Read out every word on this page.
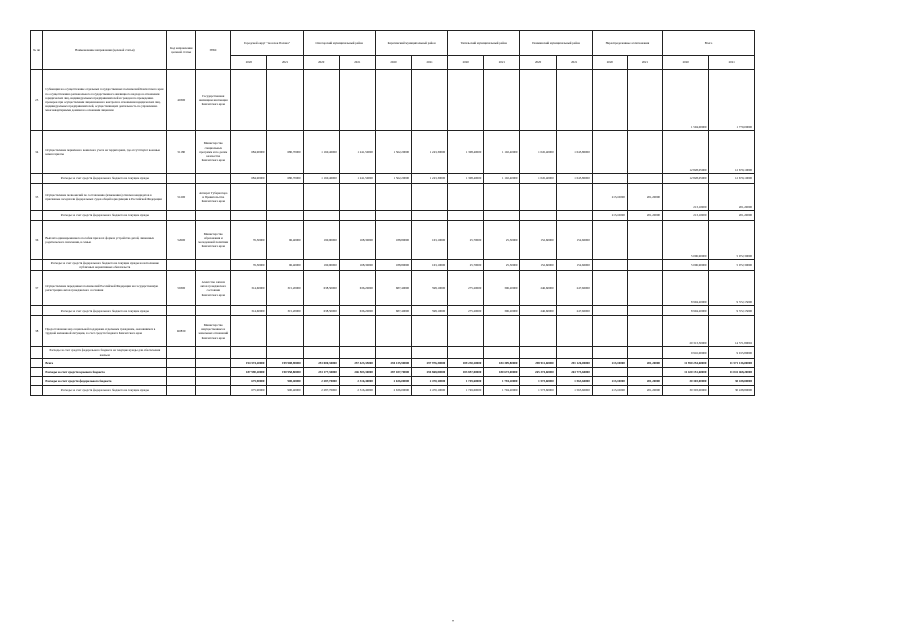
№ пп	Наименование направления (целевой статьи)	Код направления целевой статьи	ГРБС	Городской округ "поселок Палана"		Олюторский муниципальный район		Карагинский муниципальный район		Тигильский муниципальный район		Пенжинский муниципальный район		Нераспределенные ассигнования		Всего	
				2020	2021	2020	2021	2020	2021	2020	2021	2020	2021	2020	2021	2020	2021
25	Субвенции на осуществление отдельных государственных полномочий Камчатского края по осуществлению регионального государственного жилищного надзора в отношении юридических лиц, индивидуальных предпринимателей и граждан по проведению проверок при осуществлении лицензионного контроля в отношении юридических лиц, индивидуальных предпринимателей, осуществляющих деятельность по управлению многоквартирными домами на основании лицензии	40300	Государственная жилищная инспекция Камчатского края													1 594,00000	1 770,00000
34	Осуществление первичного воинского учета на территориях, где отсутствуют военные комиссариаты	51180	Министерство специальных программ и по делам казачества Камчатского края	684,90000	680,70000	1 160,40000	1 241,50000	1 562,20000	1 243,30000	1 308,40000	1 102,40000	1 045,40000	1 045,80000			12 828,05000	12 679,10000
	Расходы за счет средств федерального бюджета на текущие нужды			684,90000	680,70000	1 160,40000	1 241,50000	1 562,20000	1 243,30000	1 308,40000	1 102,40000	1 045,40000	1 045,80000			12 828,05000	12 679,10000
35	Осуществление полномочий по составлению (изменению) списков кандидатов в присяжные заседатели федеральных судов общей юрисдикции в Российской Федерации	51200	Аппарат Губернатора и Правительства Камчатского края											213,10000	201,20000	213,10000	201,20000
	Расходы за счет средств федерального бюджета на текущие нужды													213,10000	201,20000	213,10000	201,20000
36	Выплата единовременного пособия при всех формах устройства детей, лишенных родительского попечения, в семью	52600	Министерство образования и молодежной политики Камчатского края	76,30000	96,40000	190,90000	168,30000	188,80000	163,10000	25,70000	25,30000	152,60000	152,60000			5 006,90000	5 072,30000
	Расходы за счет средств федерального бюджета на текущие нужды на исполнение публичных нормативных обязательств			76,30000	96,40000	190,90000	168,30000	188,80000	163,10000	25,70000	25,30000	152,60000	152,60000			5 006,90000	5 072,30000
37	Осуществление переданных полномочий Российской Федерации на государственную регистрацию актов гражданского состояния	59300	Агентство записи актов гражданского состояния Камчатского края	314,60000	315,20000	638,50000	636,20000	687,40000	598,10000	275,20000	306,20000	246,60000	247,60000			8 994,20000	9 372,15000
	Расходы за счет средств федерального бюджета на текущие нужды			314,60000	315,20000	638,50000	636,20000	687,40000	598,10000	275,20000	306,20000	246,60000	247,60000			8 994,20000	9 372,15000
38	Предоставление мер социальной поддержки отдельным гражданам, оказавшимся в трудной жизненной ситуации, за счет средств бюджета Камчатского края	R0830	Министерство имущественных и земельных отношений Камчатского края													20 313,30000	14 571,80002
	Расходы за счет средств федерального бюджета на текущие нужды для обеспечения жильем															9 916,00000	9 915,80000
	Всего			194 574,20000	199 908,90000	253 000,30000	257 423,35000	294 135,90000	297 976,30000	189 230,20000	184 309,80000	298 911,60000	291 126,00000	213,10000	201,20000	11 590 254,60000	11 571 136,00000
	Расходы за счет средств краевого бюджета			187 990,20000	190 958,80000	233 177,30000	246 503,30000	287 187,70000	294 868,00000	183 857,00000	180 673,00000	265 374,60000	263 773,60000			11 420 151,60000	11 041 468,20000
	Расходы за счет средств федерального бюджета			675,90000	900,40000	2 287,70000	2 316,40000	2 636,00000	2 470,10000	1 749,60000	1 794,20000	1 573,60000	1 563,60000	213,10000	201,20000	30 303,00000	30 438,80000
	Расходы за счет средств федерального бюджета на текущие нужды			675,90000	900,40000	2 287,70000	2 316,40000	2 636,00000	2 470,10000	1 749,60000	1 794,20000	1 573,60000	1 563,60000	213,10000	201,20000	30 303,00000	30 438,80000
*
